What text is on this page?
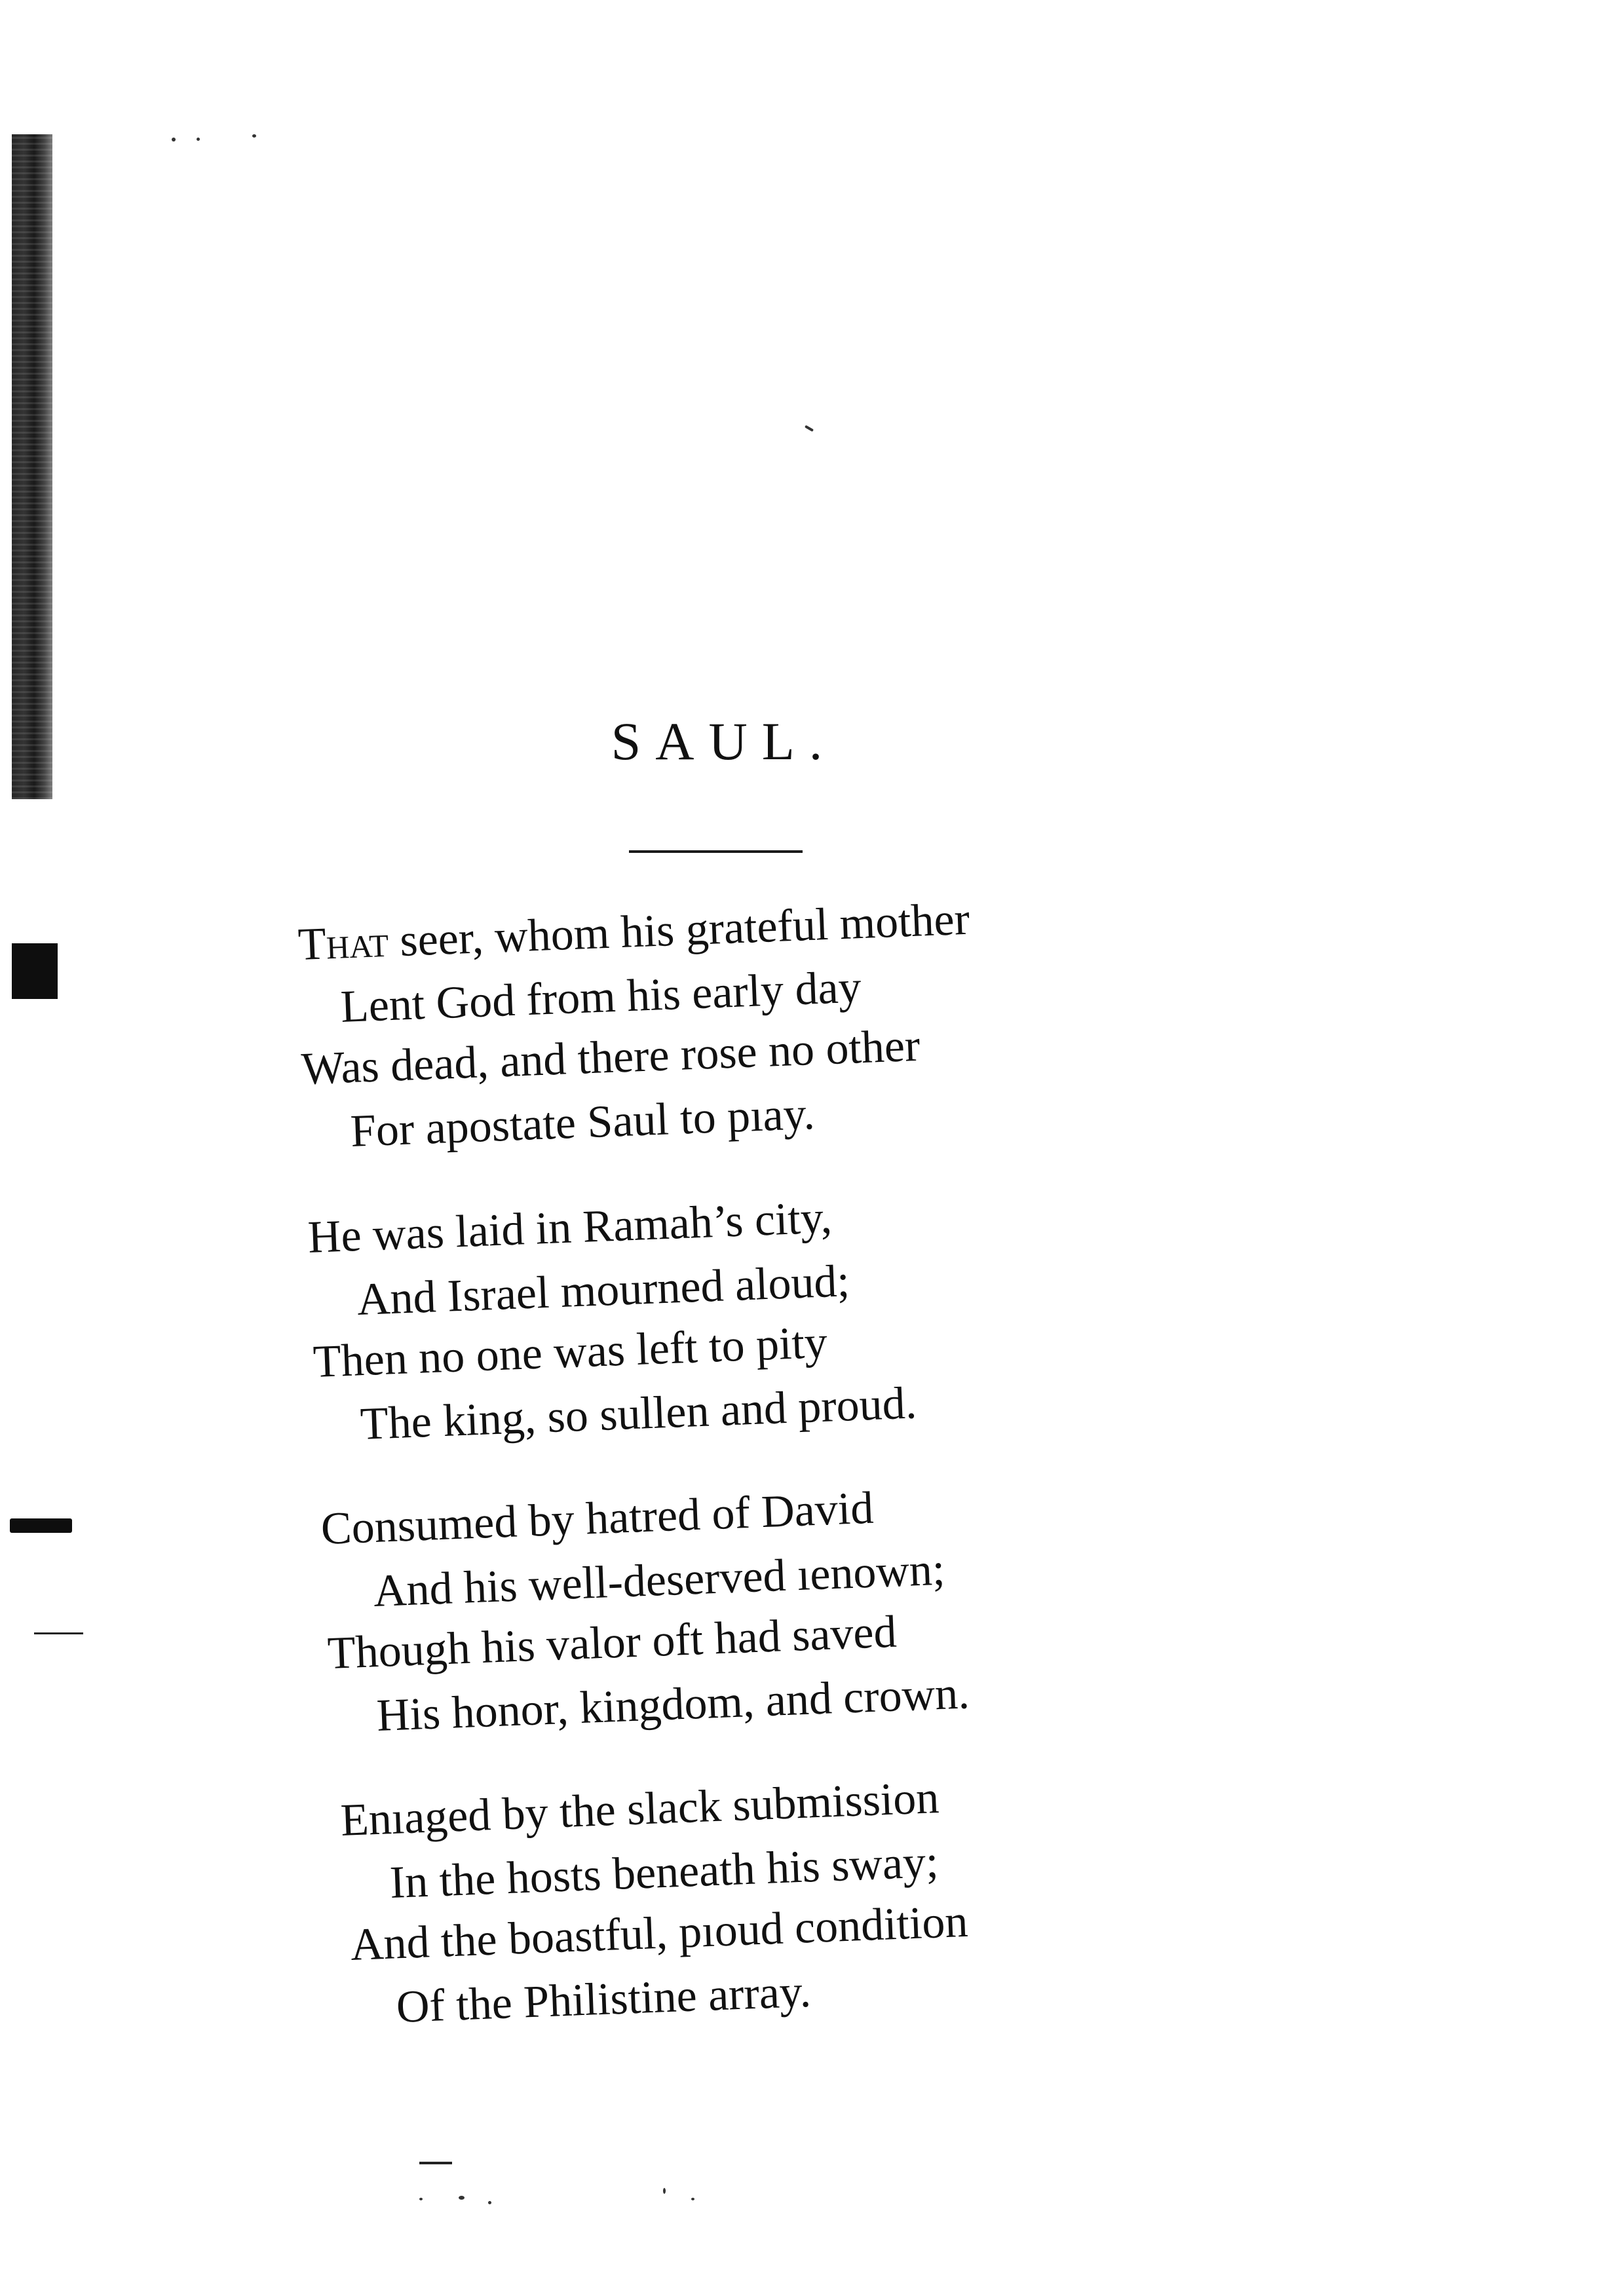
SAUL.
That seer, whom his grateful mother
Lent God from his early day
Was dead, and there rose no other
For apostate Saul to pıay.
He was laid in Ramah’s city,
And Israel mourned aloud;
Then no one was left to pity
The king, so sullen and proud.
Consumed by hatred of David
And his well-deserved ıenown;
Though his valor oft had saved
His honor, kingdom, and crown.
Enıaged by the slack submission
In the hosts beneath his sway;
And the boastful, pıoud condition
Of the Philistine array.
